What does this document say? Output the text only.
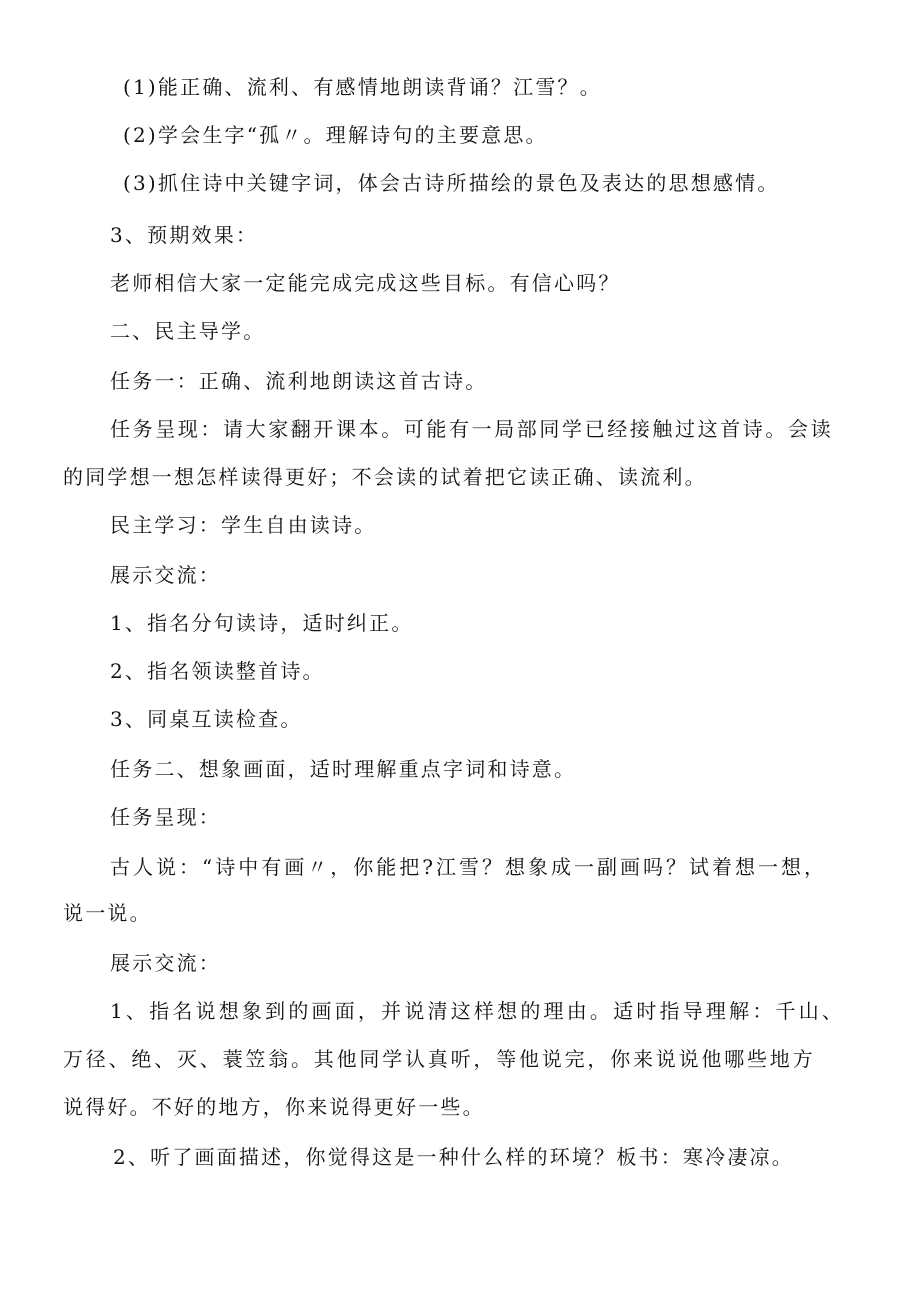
(1)能正确、流利、有感情地朗读背诵？江雪？。
(2)学会生字“孤〃。理解诗句的主要意思。
(3)抓住诗中关键字词，体会古诗所描绘的景色及表达的思想感情。
3、预期效果：
老师相信大家一定能完成完成这些目标。有信心吗？
二、民主导学。
任务一：正确、流利地朗读这首古诗。
任务呈现：请大家翻开课本。可能有一局部同学已经接触过这首诗。会读
的同学想一想怎样读得更好；不会读的试着把它读正确、读流利。
民主学习：学生自由读诗。
展示交流：
1、指名分句读诗，适时纠正。
2、指名领读整首诗。
3、同桌互读检查。
任务二、想象画面，适时理解重点字词和诗意。
任务呈现：
古人说：“诗中有画〃，你能把?江雪？想象成一副画吗？试着想一想，
说一说。
展示交流：
1、指名说想象到的画面，并说清这样想的理由。适时指导理解：千山、
万径、绝、灭、蓑笠翁。其他同学认真听，等他说完，你来说说他哪些地方
说得好。不好的地方，你来说得更好一些。
2、听了画面描述，你觉得这是一种什么样的环境？板书：寒冷凄凉。
